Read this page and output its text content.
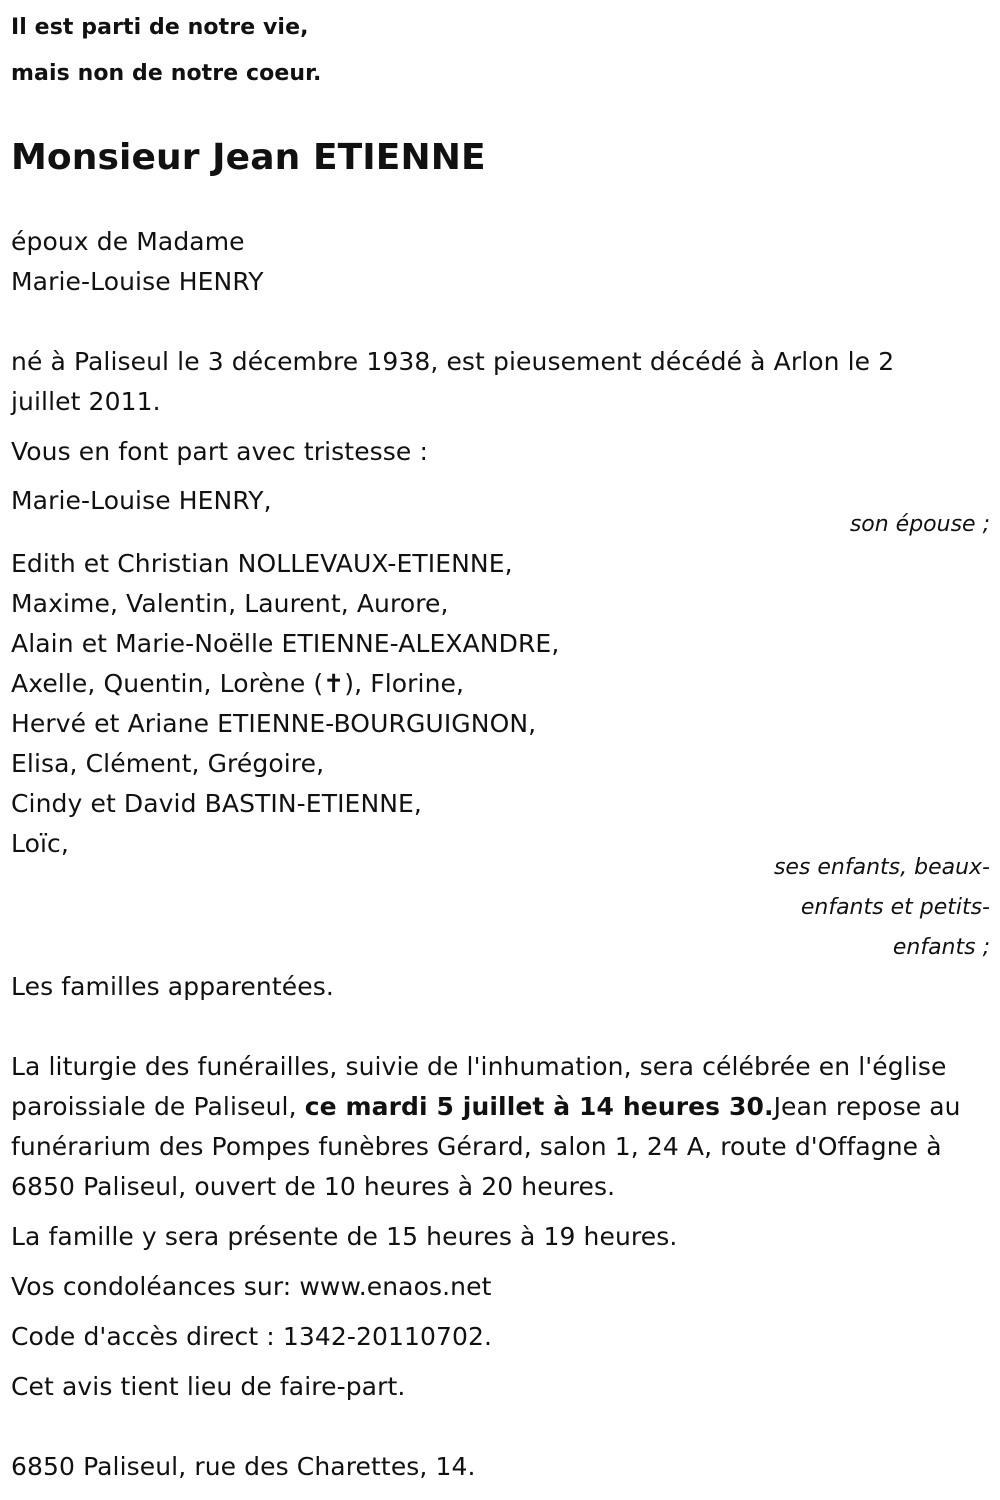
Il est parti de notre vie,
mais non de notre coeur.
Monsieur Jean ETIENNE
époux de Madame
Marie-Louise HENRY
né à Paliseul le 3 décembre 1938, est pieusement décédé à Arlon le 2
juillet 2011.
Vous en font part avec tristesse :
Marie-Louise HENRY,
son épouse ;
Edith et Christian NOLLEVAUX-ETIENNE,
Maxime, Valentin, Laurent, Aurore,
Alain et Marie-Noëlle ETIENNE-ALEXANDRE,
Axelle, Quentin, Lorène (✝), Florine,
Hervé et Ariane ETIENNE-BOURGUIGNON,
Elisa, Clément, Grégoire,
Cindy et David BASTIN-ETIENNE,
Loïc,
ses enfants, beaux-
enfants et petits-
enfants ;
Les familles apparentées.
La liturgie des funérailles, suivie de l'inhumation, sera célébrée en l'église
paroissiale de Paliseul, ce mardi 5 juillet à 14 heures 30.Jean repose au
funérarium des Pompes funèbres Gérard, salon 1, 24 A, route d'Offagne à
6850 Paliseul, ouvert de 10 heures à 20 heures.
La famille y sera présente de 15 heures à 19 heures.
Vos condoléances sur: www.enaos.net
Code d'accès direct : 1342-20110702.
Cet avis tient lieu de faire-part.
6850 Paliseul, rue des Charettes, 14.
